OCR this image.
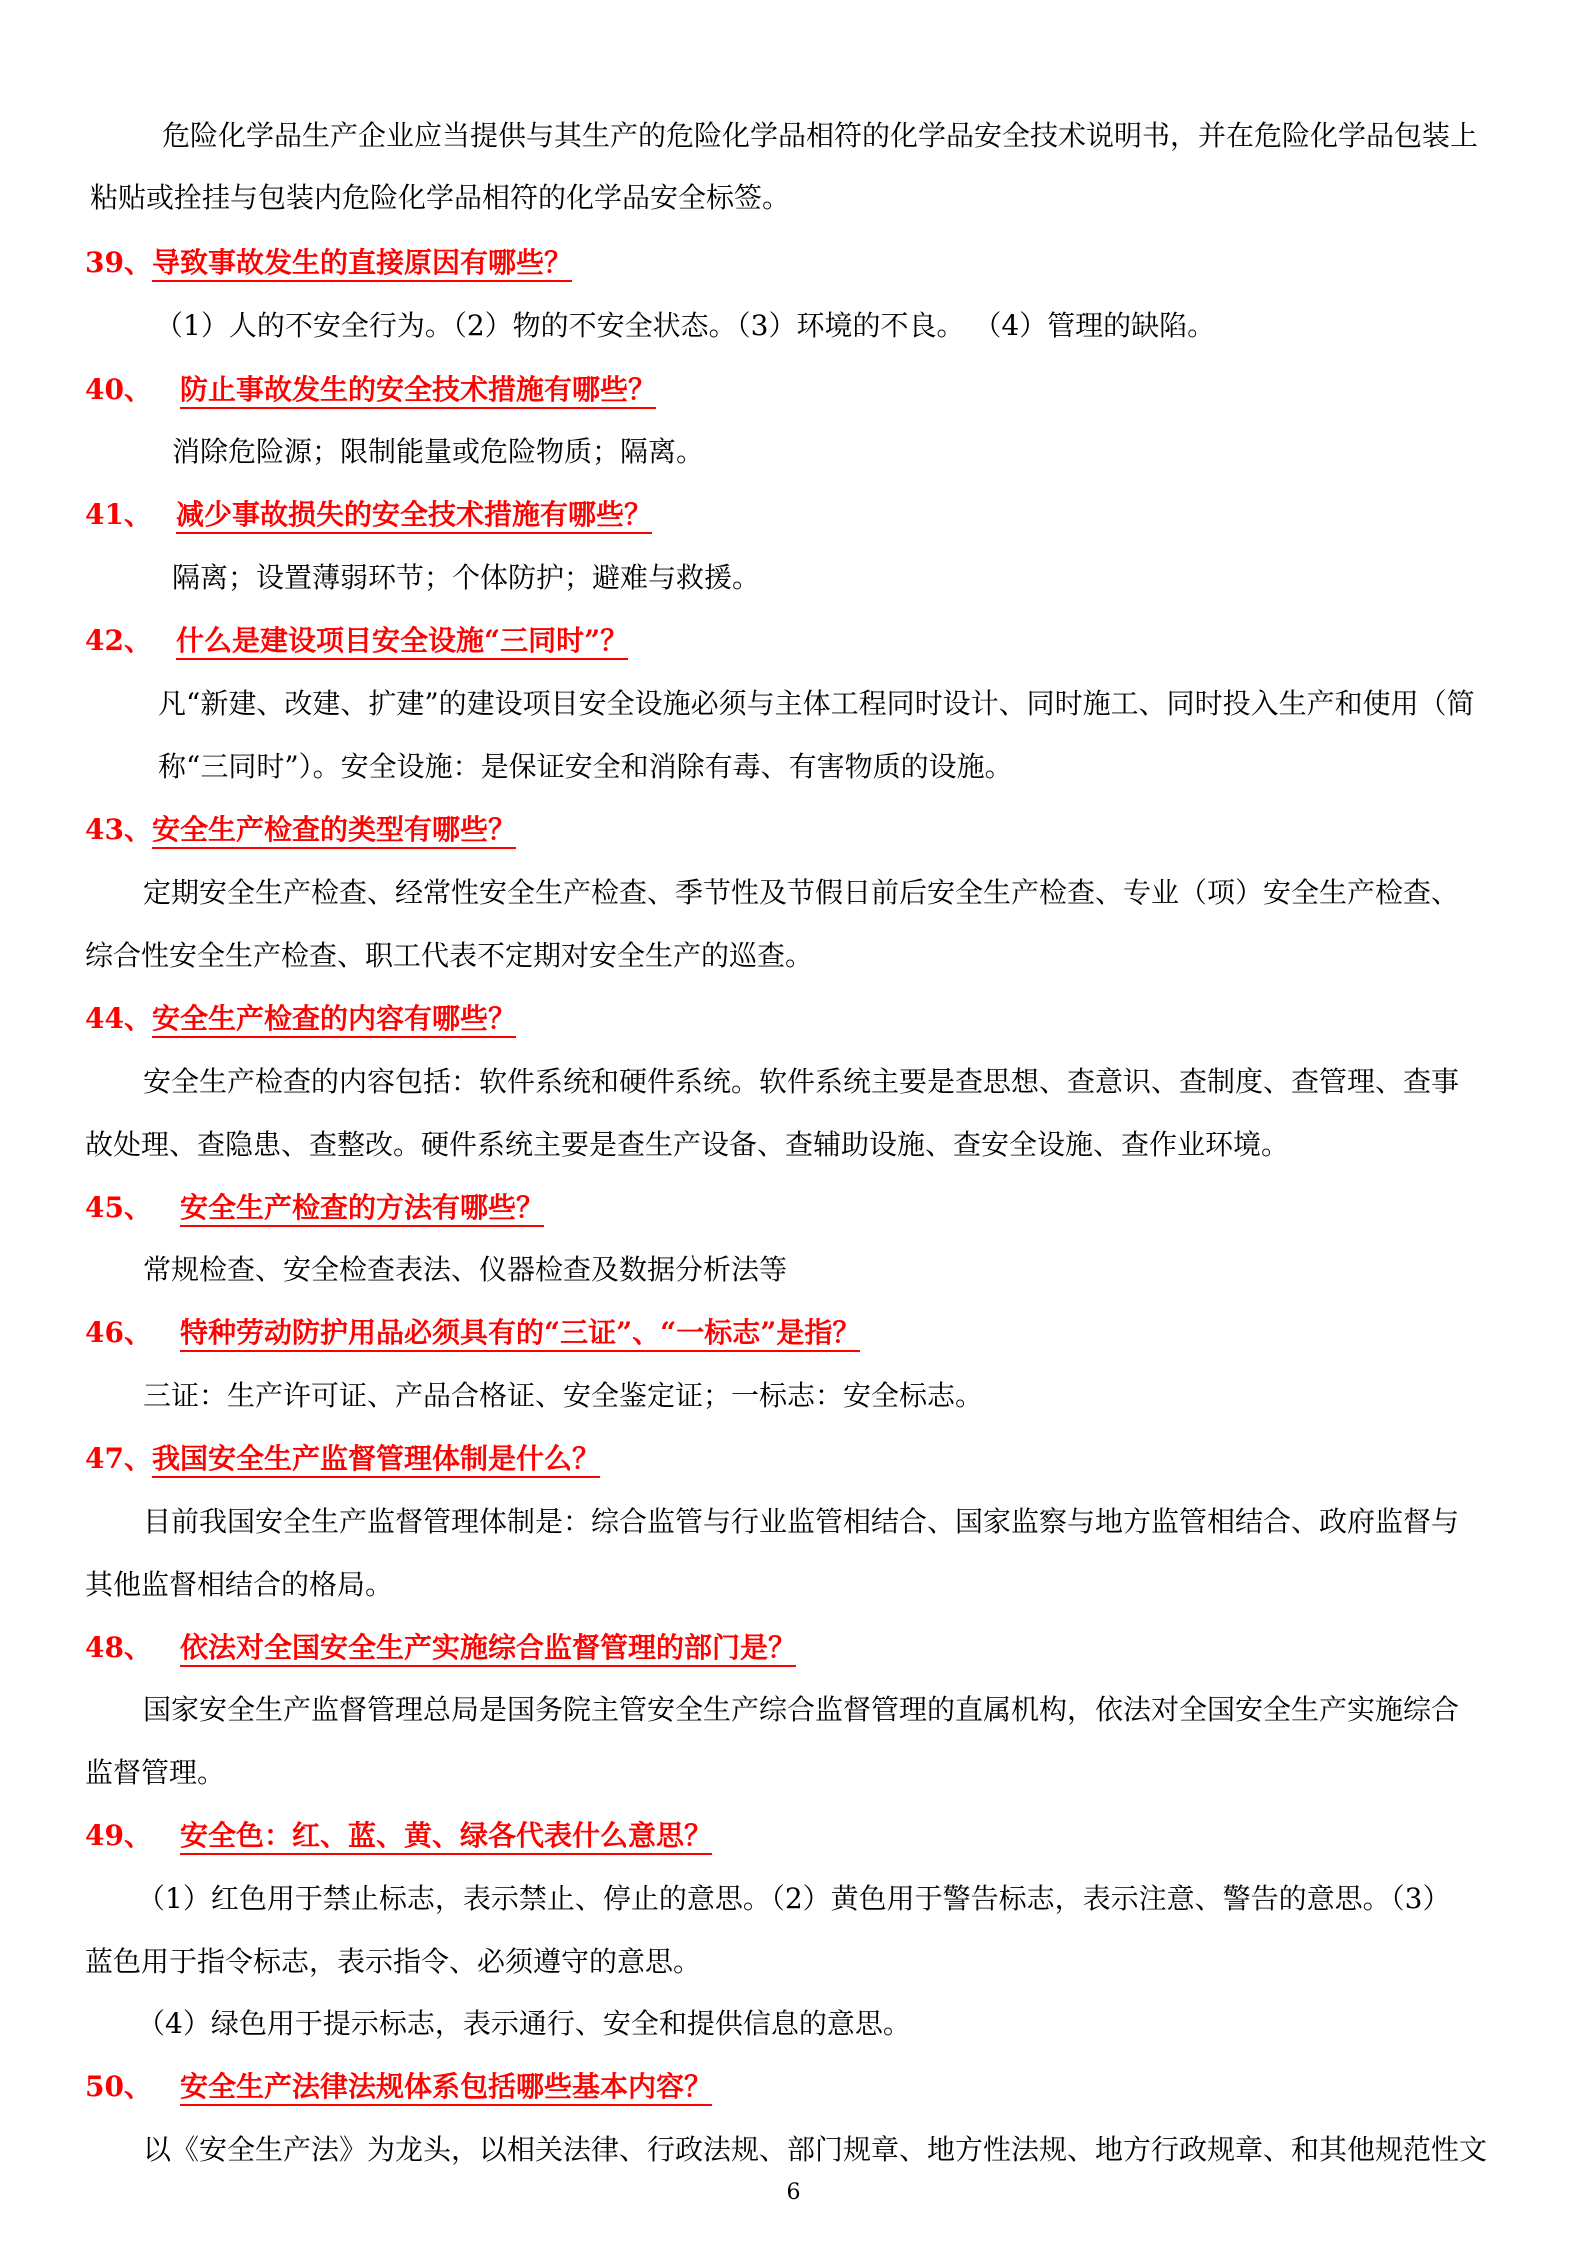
危险化学品生产企业应当提供与其生产的危险化学品相符的化学品安全技术说明书，并在危险化学品包装上

粘贴或拴挂与包装内危险化学品相符的化学品安全标签。

39、导致事故发生的直接原因有哪些？

（1）人的不安全行为。（2）物的不安全状态。（3）环境的不良。 （4）管理的缺陷。

40、 防止事故发生的安全技术措施有哪些？

消除危险源；限制能量或危险物质；隔离。

41、 减少事故损失的安全技术措施有哪些？

隔离；设置薄弱环节；个体防护；避难与救援。

42、 什么是建设项目安全设施“三同时”？

凡“新建、改建、扩建”的建设项目安全设施必须与主体工程同时设计、同时施工、同时投入生产和使用（简

称“三同时”）。安全设施：是保证安全和消除有毒、有害物质的设施。

43、安全生产检查的类型有哪些？

定期安全生产检查、经常性安全生产检查、季节性及节假日前后安全生产检查、专业（项）安全生产检查、

综合性安全生产检查、职工代表不定期对安全生产的巡查。

44、安全生产检查的内容有哪些？

安全生产检查的内容包括：软件系统和硬件系统。软件系统主要是查思想、查意识、查制度、查管理、查事

故处理、查隐患、查整改。硬件系统主要是查生产设备、查辅助设施、查安全设施、查作业环境。

45、 安全生产检查的方法有哪些？

常规检查、安全检查表法、仪器检查及数据分析法等

46、 特种劳动防护用品必须具有的“三证”、“一标志”是指？

三证：生产许可证、产品合格证、安全鉴定证；一标志：安全标志。

47、我国安全生产监督管理体制是什么？

目前我国安全生产监督管理体制是：综合监管与行业监管相结合、国家监察与地方监管相结合、政府监督与

其他监督相结合的格局。

48、 依法对全国安全生产实施综合监督管理的部门是？

国家安全生产监督管理总局是国务院主管安全生产综合监督管理的直属机构，依法对全国安全生产实施综合

监督管理。

49、 安全色：红、蓝、黄、绿各代表什么意思？

（1）红色用于禁止标志，表示禁止、停止的意思。（2）黄色用于警告标志，表示注意、警告的意思。（3）

蓝色用于指令标志，表示指令、必须遵守的意思。

（4）绿色用于提示标志，表示通行、安全和提供信息的意思。

50、 安全生产法律法规体系包括哪些基本内容？

以《安全生产法》为龙头，以相关法律、行政法规、部门规章、地方性法规、地方行政规章、和其他规范性文

6
